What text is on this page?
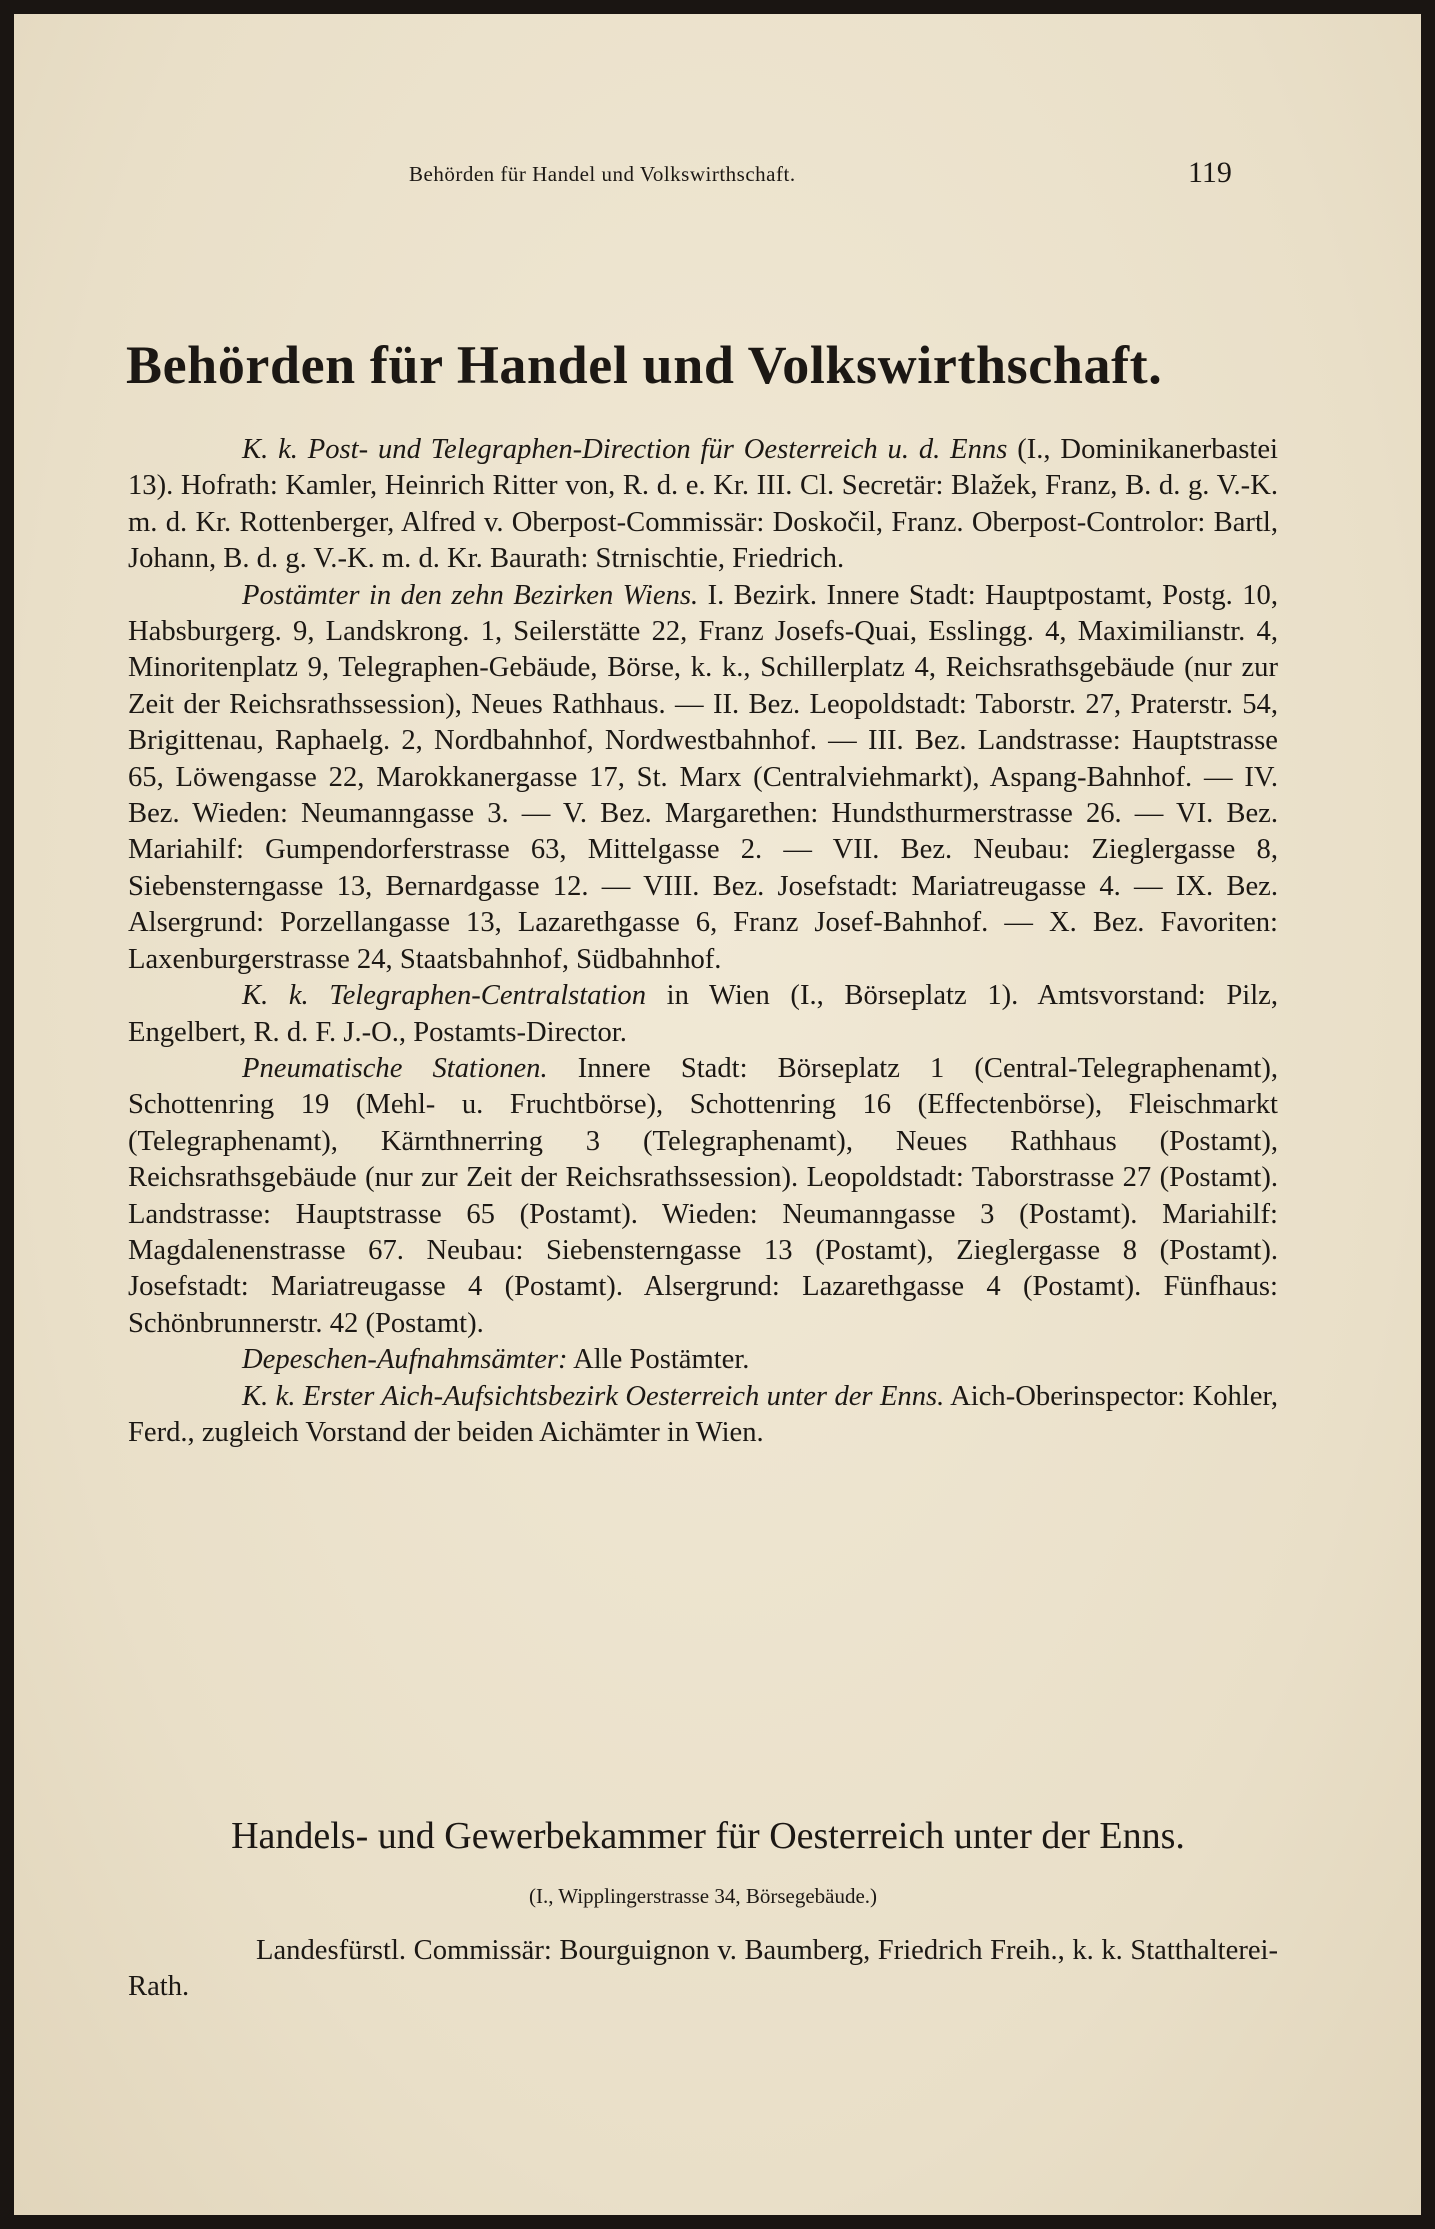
Behörden für Handel und Volkswirthschaft.	119
Behörden für Handel und Volkswirthschaft.

K. k. Post- und Telegraphen-Direction für Oesterreich u. d. Enns (I., Dominikanerbastei 13). Hofrath: Kamler, Heinrich Ritter von, R. d. e. Kr. III. Cl. Secretär: Blažek, Franz, B. d. g. V.-K. m. d. Kr. Rottenberger, Alfred v. Oberpost-Commissär: Doskočil, Franz. Oberpost-Controlor: Bartl, Johann, B. d. g. V.-K. m. d. Kr. Baurath: Strnischtie, Friedrich.

Postämter in den zehn Bezirken Wiens. I. Bezirk. Innere Stadt: Hauptpostamt, Postg. 10, Habsburgerg. 9, Landskrong. 1, Seilerstätte 22, Franz Josefs-Quai, Esslingg. 4, Maximilianstr. 4, Minoritenplatz 9, Telegraphen-Gebäude, Börse, k. k., Schillerplatz 4, Reichsrathsgebäude (nur zur Zeit der Reichsrathssession), Neues Rathhaus. — II. Bez. Leopoldstadt: Taborstr. 27, Praterstr. 54, Brigittenau, Raphaelg. 2, Nordbahnhof, Nordwestbahnhof. — III. Bez. Landstrasse: Hauptstrasse 65, Löwengasse 22, Marokkanergasse 17, St. Marx (Centralviehmarkt), Aspang-Bahnhof. — IV. Bez. Wieden: Neumanngasse 3. — V. Bez. Margarethen: Hundsthurmerstrasse 26. — VI. Bez. Mariahilf: Gumpendorferstrasse 63, Mittelgasse 2. — VII. Bez. Neubau: Zieglergasse 8, Siebensterngasse 13, Bernardgasse 12. — VIII. Bez. Josefstadt: Mariatreugasse 4. — IX. Bez. Alsergrund: Porzellangasse 13, Lazarethgasse 6, Franz Josef-Bahnhof. — X. Bez. Favoriten: Laxenburgerstrasse 24, Staatsbahnhof, Südbahnhof.

K. k. Telegraphen-Centralstation in Wien (I., Börseplatz 1). Amtsvorstand: Pilz, Engelbert, R. d. F. J.-O., Postamts-Director.

Pneumatische Stationen. Innere Stadt: Börseplatz 1 (Central-Telegraphenamt), Schottenring 19 (Mehl- u. Fruchtbörse), Schottenring 16 (Effectenbörse), Fleischmarkt (Telegraphenamt), Kärnthnerring 3 (Telegraphenamt), Neues Rathhaus (Postamt), Reichsrathsgebäude (nur zur Zeit der Reichsrathssession). Leopoldstadt: Taborstrasse 27 (Postamt). Landstrasse: Hauptstrasse 65 (Postamt). Wieden: Neumanngasse 3 (Postamt). Mariahilf: Magdalenenstrasse 67. Neubau: Siebensterngasse 13 (Postamt), Zieglergasse 8 (Postamt). Josefstadt: Mariatreugasse 4 (Postamt). Alsergrund: Lazarethgasse 4 (Postamt). Fünfhaus: Schönbrunnerstr. 42 (Postamt).

Depeschen-Aufnahmsämter: Alle Postämter.

K. k. Erster Aich-Aufsichtsbezirk Oesterreich unter der Enns. Aich-Oberinspector: Kohler, Ferd., zugleich Vorstand der beiden Aichämter in Wien.

Handels- und Gewerbekammer für Oesterreich unter der Enns.
(I., Wipplingerstrasse 34, Börsegebäude.)

Landesfürstl. Commissär: Bourguignon v. Baumberg, Friedrich Freih., k. k. Statthalterei-Rath.
